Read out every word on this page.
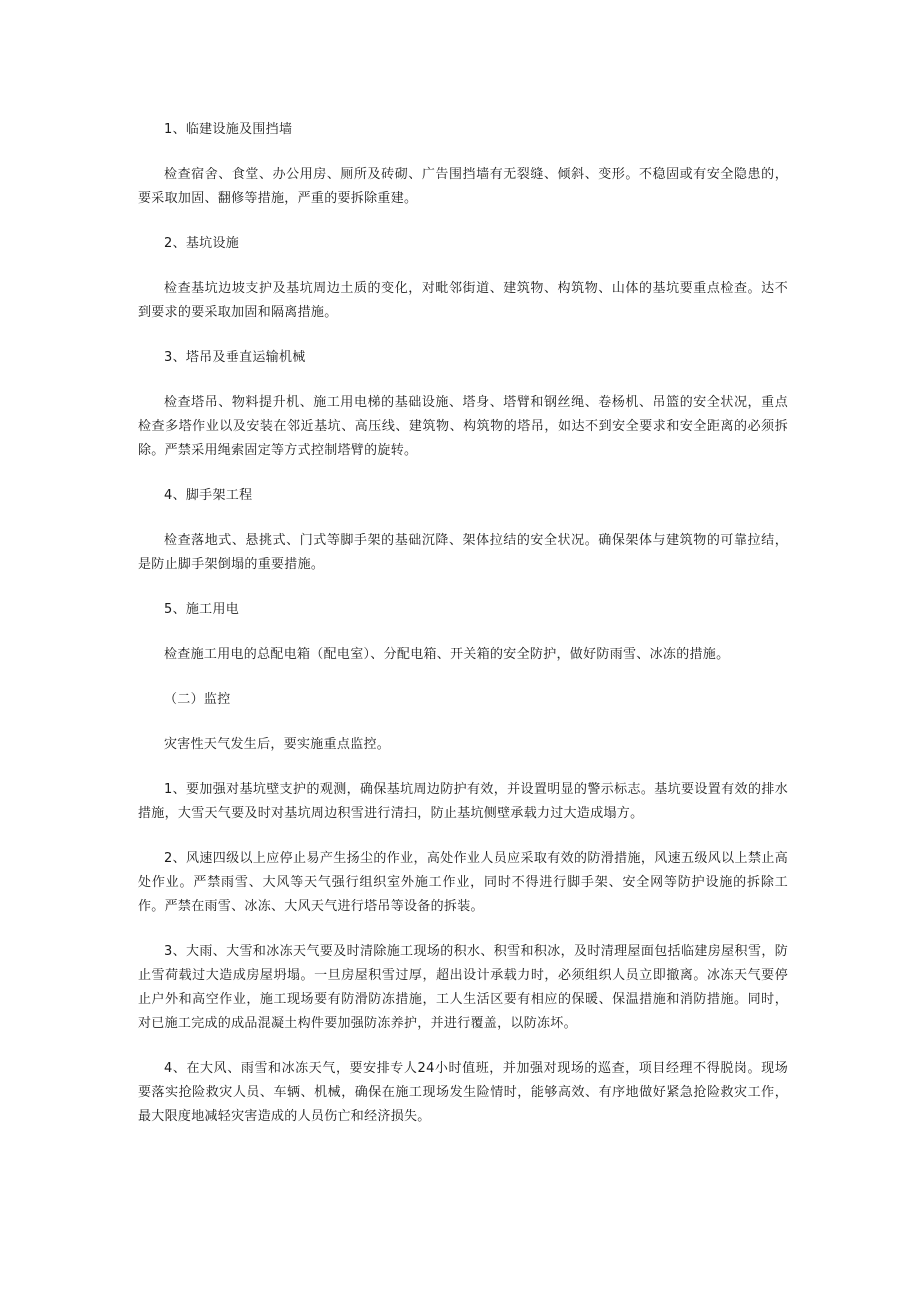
1、临建设施及围挡墙

检查宿舍、食堂、办公用房、厕所及砖砌、广告围挡墙有无裂缝、倾斜、变形。不稳固或有安全隐患的，要采取加固、翻修等措施，严重的要拆除重建。

2、基坑设施

检查基坑边坡支护及基坑周边土质的变化，对毗邻街道、建筑物、构筑物、山体的基坑要重点检查。达不到要求的要采取加固和隔离措施。

3、塔吊及垂直运输机械

检查塔吊、物料提升机、施工用电梯的基础设施、塔身、塔臂和钢丝绳、卷杨机、吊篮的安全状况，重点检查多塔作业以及安装在邻近基坑、高压线、建筑物、构筑物的塔吊，如达不到安全要求和安全距离的必须拆除。严禁采用绳索固定等方式控制塔臂的旋转。

4、脚手架工程

检查落地式、悬挑式、门式等脚手架的基础沉降、架体拉结的安全状况。确保架体与建筑物的可靠拉结，是防止脚手架倒塌的重要措施。

5、施工用电

检查施工用电的总配电箱（配电室）、分配电箱、开关箱的安全防护，做好防雨雪、冰冻的措施。

（二）监控

灾害性天气发生后，要实施重点监控。

1、要加强对基坑壁支护的观测，确保基坑周边防护有效，并设置明显的警示标志。基坑要设置有效的排水措施，大雪天气要及时对基坑周边积雪进行清扫，防止基坑侧壁承载力过大造成塌方。

2、风速四级以上应停止易产生扬尘的作业，高处作业人员应采取有效的防滑措施，风速五级风以上禁止高处作业。严禁雨雪、大风等天气强行组织室外施工作业，同时不得进行脚手架、安全网等防护设施的拆除工作。严禁在雨雪、冰冻、大风天气进行塔吊等设备的拆装。

3、大雨、大雪和冰冻天气要及时清除施工现场的积水、积雪和积冰，及时清理屋面包括临建房屋积雪，防止雪荷载过大造成房屋坍塌。一旦房屋积雪过厚，超出设计承载力时，必须组织人员立即撤离。冰冻天气要停止户外和高空作业，施工现场要有防滑防冻措施，工人生活区要有相应的保暖、保温措施和消防措施。同时，对已施工完成的成品混凝土构件要加强防冻养护，并进行覆盖，以防冻坏。

4、在大风、雨雪和冰冻天气，要安排专人24小时值班，并加强对现场的巡查，项目经理不得脱岗。现场要落实抢险救灾人员、车辆、机械，确保在施工现场发生险情时，能够高效、有序地做好紧急抢险救灾工作，最大限度地减轻灾害造成的人员伤亡和经济损失。
